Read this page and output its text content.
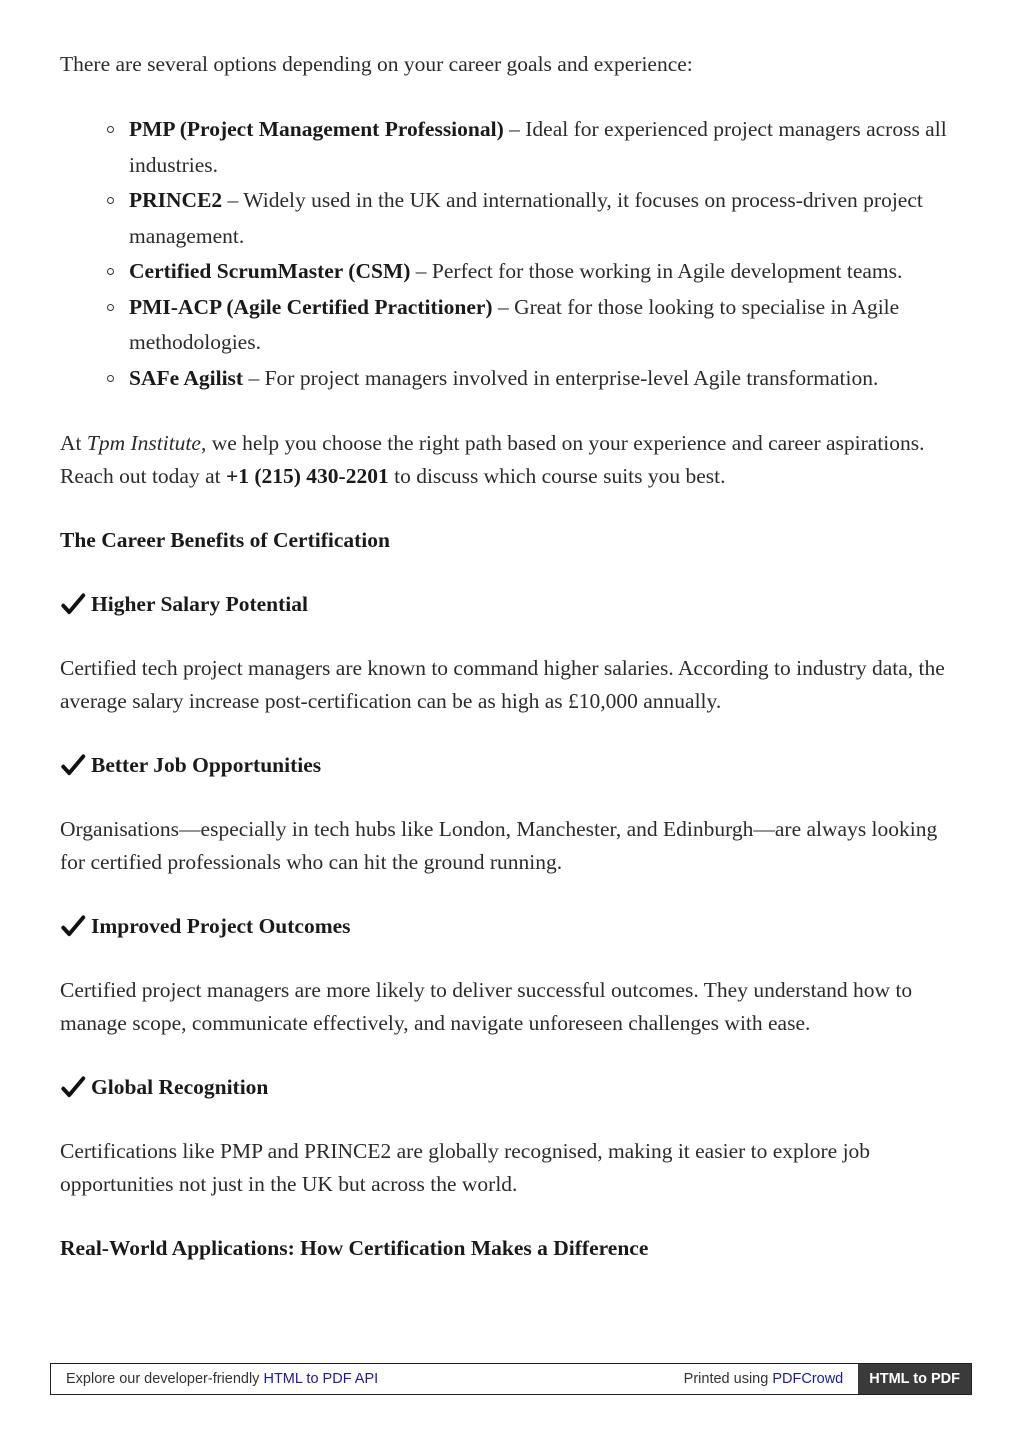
There are several options depending on your career goals and experience:

PMP (Project Management Professional) – Ideal for experienced project managers across all industries.
PRINCE2 – Widely used in the UK and internationally, it focuses on process-driven project management.
Certified ScrumMaster (CSM) – Perfect for those working in Agile development teams.
PMI-ACP (Agile Certified Practitioner) – Great for those looking to specialise in Agile methodologies.
SAFe Agilist – For project managers involved in enterprise-level Agile transformation.

At Tpm Institute, we help you choose the right path based on your experience and career aspirations. Reach out today at +1 (215) 430-2201 to discuss which course suits you best.

The Career Benefits of Certification
Higher Salary Potential

Certified tech project managers are known to command higher salaries. According to industry data, the average salary increase post-certification can be as high as £10,000 annually.

Better Job Opportunities

Organisations—especially in tech hubs like London, Manchester, and Edinburgh—are always looking for certified professionals who can hit the ground running.

Improved Project Outcomes

Certified project managers are more likely to deliver successful outcomes. They understand how to manage scope, communicate effectively, and navigate unforeseen challenges with ease.

Global Recognition

Certifications like PMP and PRINCE2 are globally recognised, making it easier to explore job opportunities not just in the UK but across the world.

Real-World Applications: How Certification Makes a Difference
Explore our developer-friendly HTML to PDF API	Printed using PDFCrowd	HTML to PDF
